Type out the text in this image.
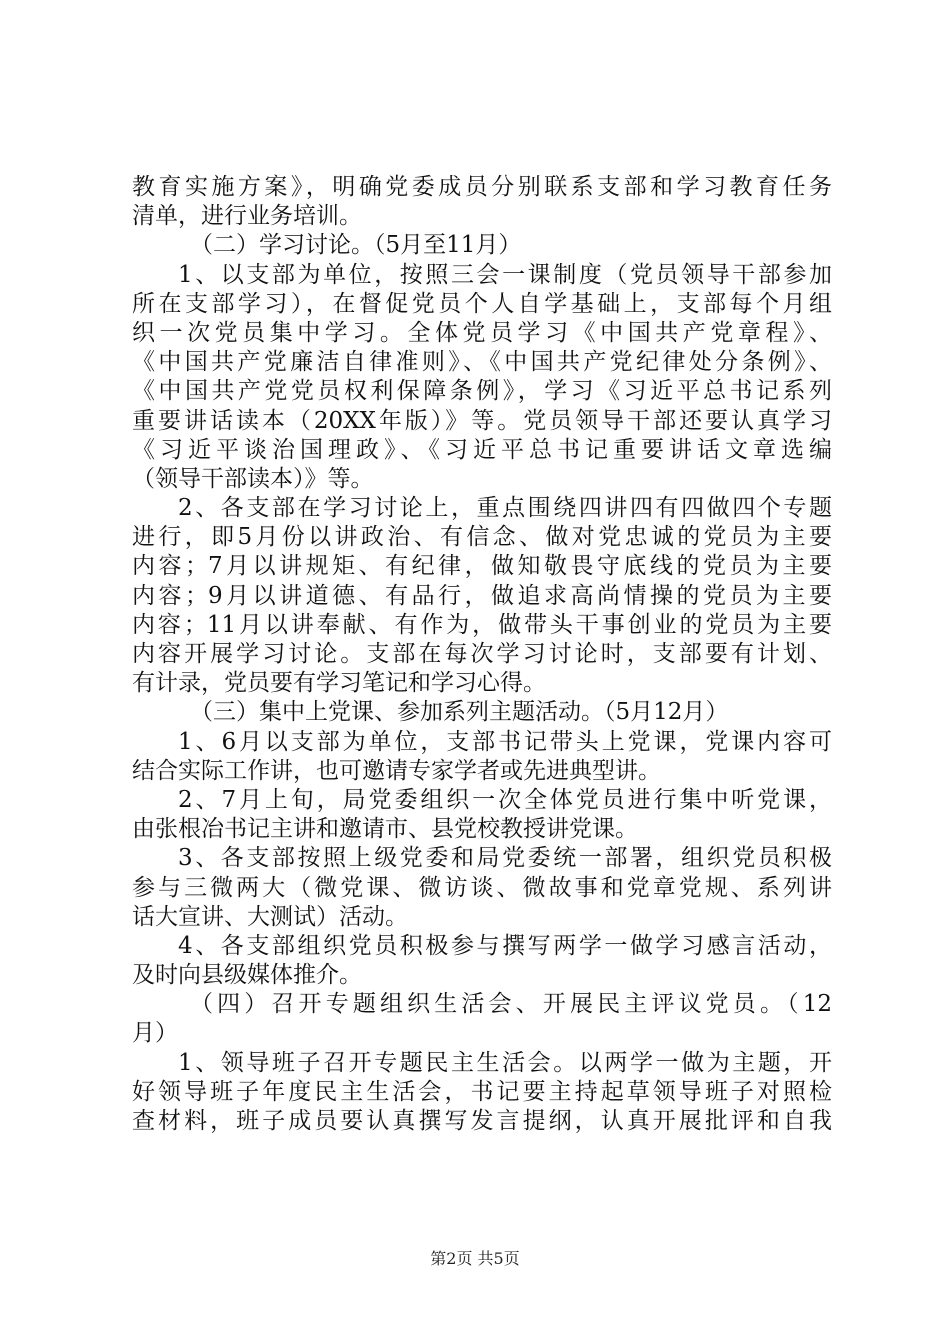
教育实施方案》，明确党委成员分别联系支部和学习教育任务
清单，进行业务培训。
（二）学习讨论。（5月至11月）
1、以支部为单位，按照三会一课制度（党员领导干部参加
所在支部学习），在督促党员个人自学基础上，支部每个月组
织一次党员集中学习。全体党员学习《中国共产党章程》、
《中国共产党廉洁自律准则》、《中国共产党纪律处分条例》、
《中国共产党党员权利保障条例》，学习《习近平总书记系列
重要讲话读本（20XX年版）》等。党员领导干部还要认真学习
《习近平谈治国理政》、《习近平总书记重要讲话文章选编
（领导干部读本）》等。
2、各支部在学习讨论上，重点围绕四讲四有四做四个专题
进行，即5月份以讲政治、有信念、做对党忠诚的党员为主要
内容；7月以讲规矩、有纪律，做知敬畏守底线的党员为主要
内容；9月以讲道德、有品行，做追求高尚情操的党员为主要
内容；11月以讲奉献、有作为，做带头干事创业的党员为主要
内容开展学习讨论。支部在每次学习讨论时，支部要有计划、
有计录，党员要有学习笔记和学习心得。
（三）集中上党课、参加系列主题活动。（5月12月）
1、6月以支部为单位，支部书记带头上党课，党课内容可
结合实际工作讲，也可邀请专家学者或先进典型讲。
2、7月上旬，局党委组织一次全体党员进行集中听党课，
由张根冶书记主讲和邀请市、县党校教授讲党课。
3、各支部按照上级党委和局党委统一部署，组织党员积极
参与三微两大（微党课、微访谈、微故事和党章党规、系列讲
话大宣讲、大测试）活动。
4、各支部组织党员积极参与撰写两学一做学习感言活动，
及时向县级媒体推介。
（四）召开专题组织生活会、开展民主评议党员。（12
月）
1、领导班子召开专题民主生活会。以两学一做为主题，开
好领导班子年度民主生活会，书记要主持起草领导班子对照检
查材料，班子成员要认真撰写发言提纲，认真开展批评和自我
第2页 共5页
